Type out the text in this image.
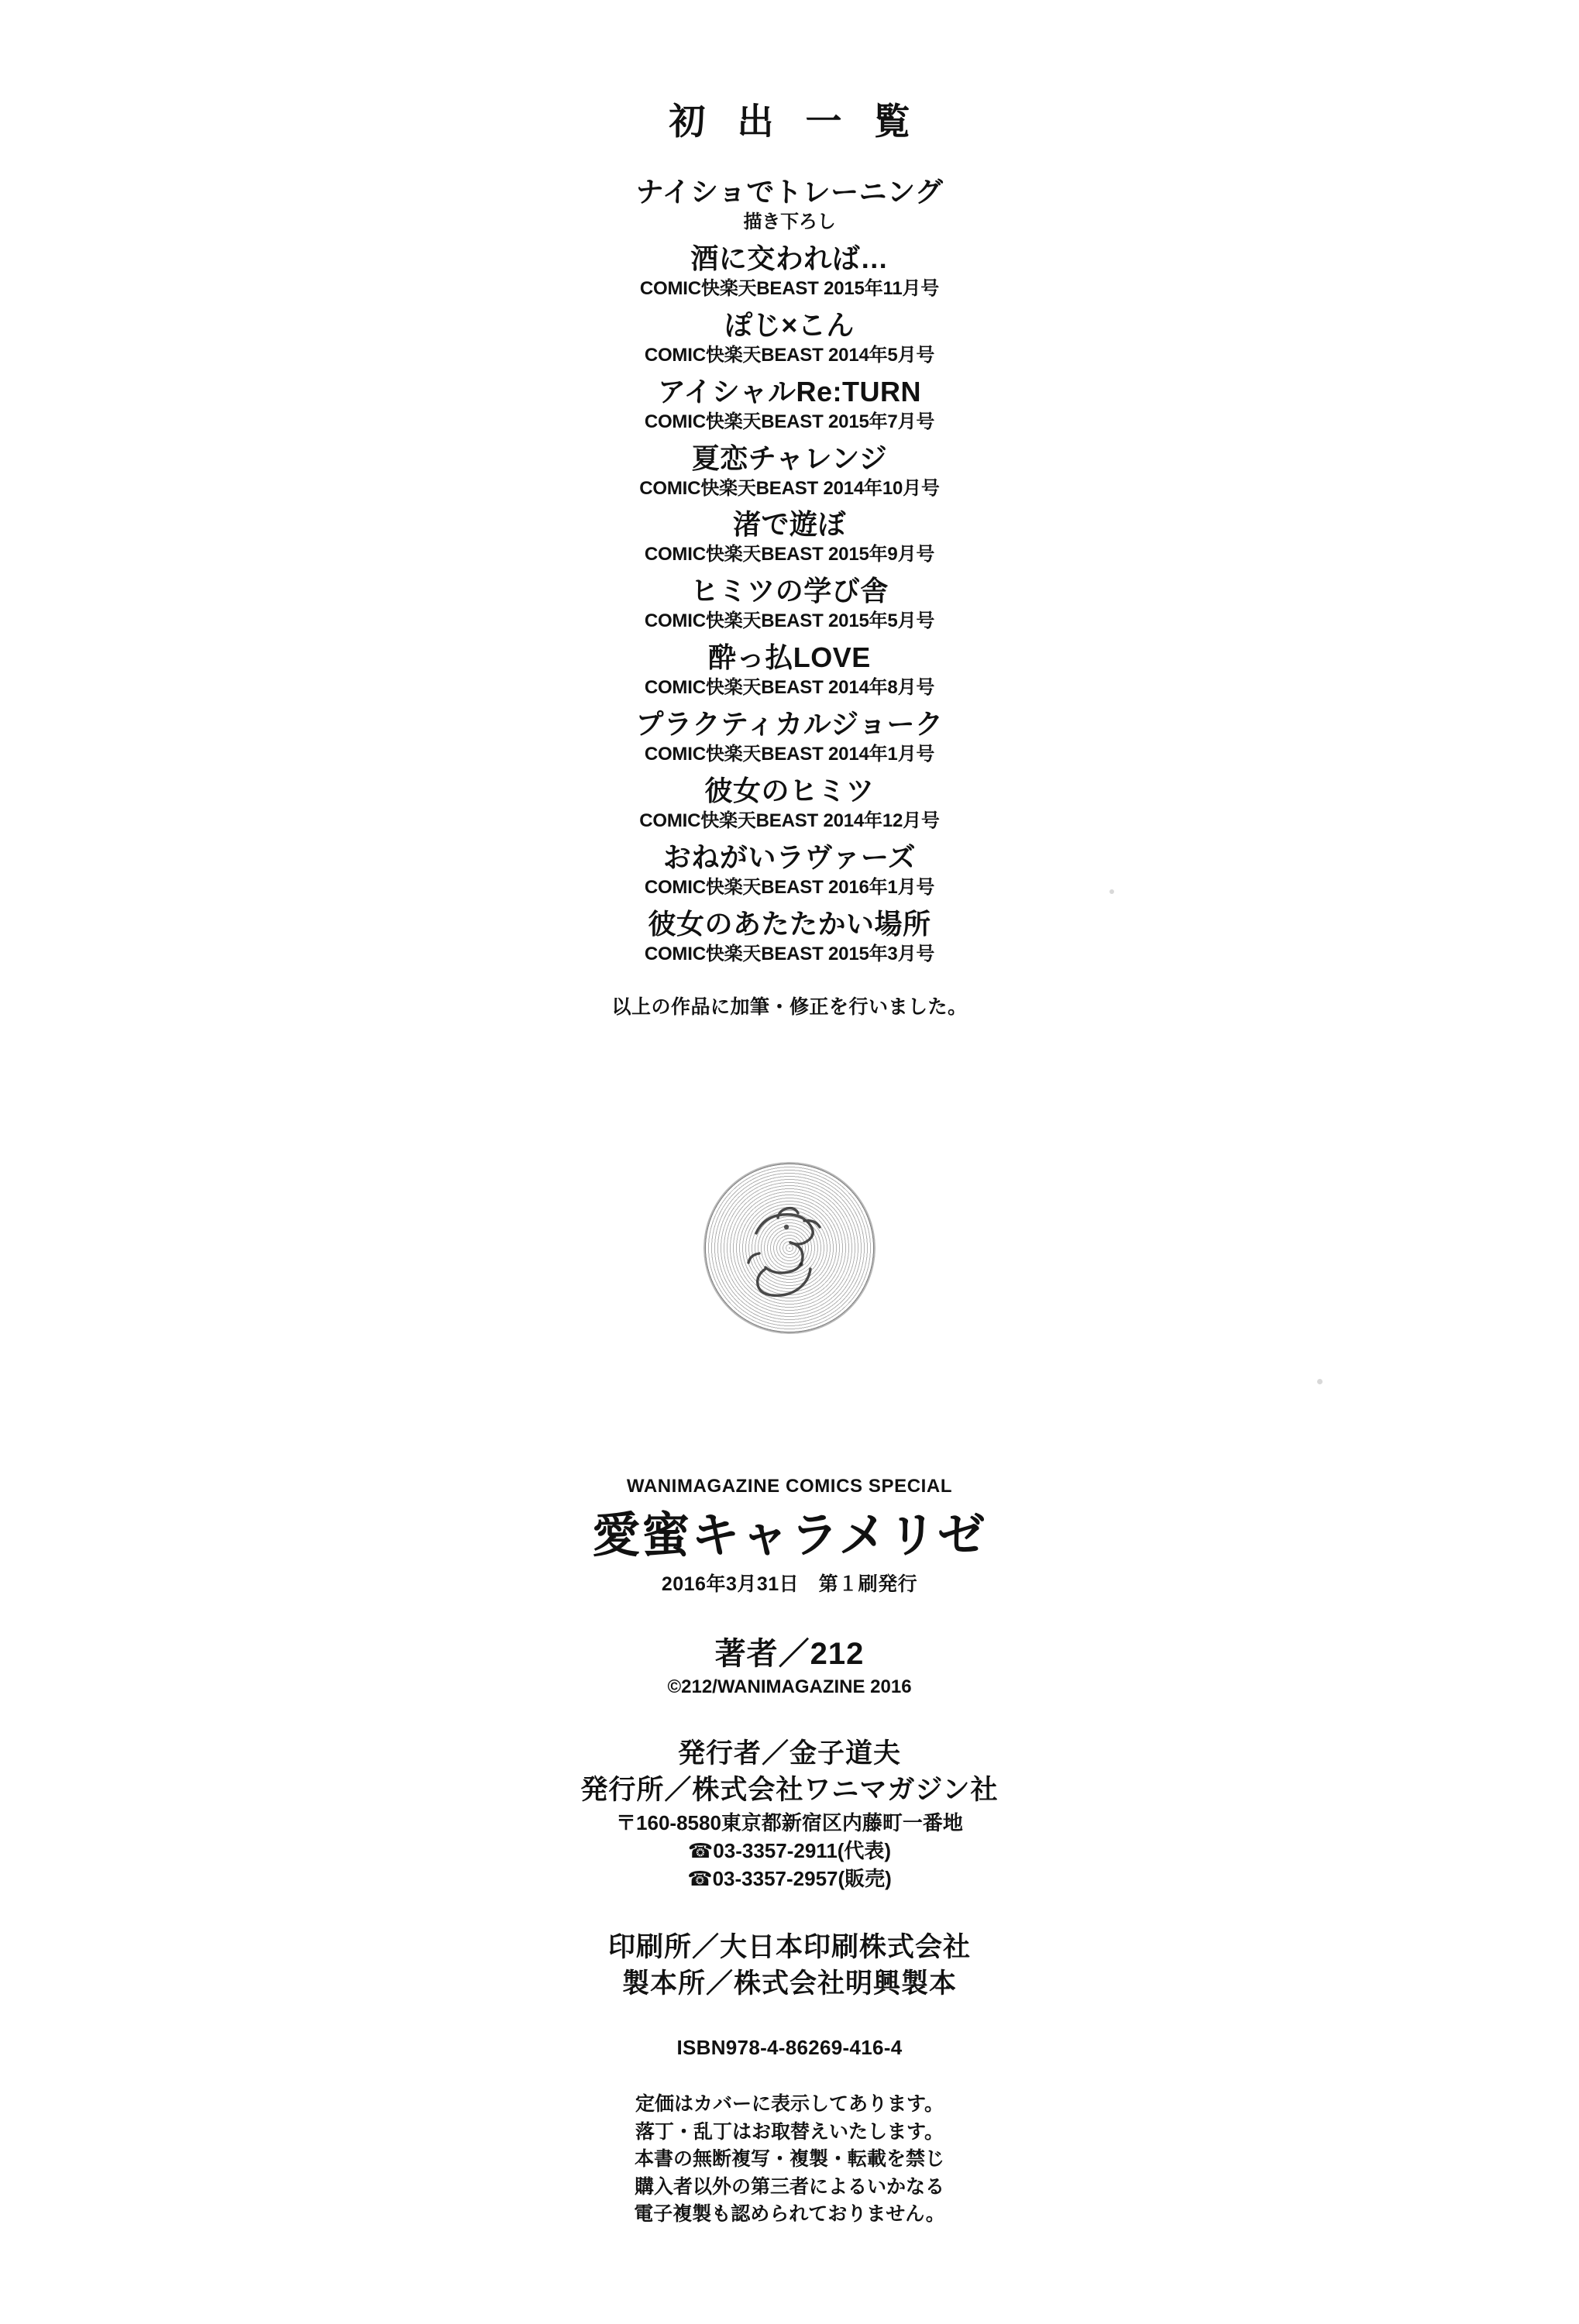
初 出 一 覧
ナイショでトレーニング
描き下ろし
酒に交われば…
COMIC快楽天BEAST 2015年11月号
ぽじ×こん
COMIC快楽天BEAST 2014年5月号
アイシャルRe:TURN
COMIC快楽天BEAST 2015年7月号
夏恋チャレンジ
COMIC快楽天BEAST 2014年10月号
渚で遊ぼ
COMIC快楽天BEAST 2015年9月号
ヒミツの学び舎
COMIC快楽天BEAST 2015年5月号
酔っ払LOVE
COMIC快楽天BEAST 2014年8月号
プラクティカルジョーク
COMIC快楽天BEAST 2014年1月号
彼女のヒミツ
COMIC快楽天BEAST 2014年12月号
おねがいラヴァーズ
COMIC快楽天BEAST 2016年1月号
彼女のあたたかい場所
COMIC快楽天BEAST 2015年3月号
以上の作品に加筆・修正を行いました。
WANIMAGAZINE COMICS SPECIAL
愛蜜キャラメリゼ
2016年3月31日　第１刷発行
著者／212
©212/WANIMAGAZINE 2016
発行者／金子道夫
発行所／株式会社ワニマガジン社
〒160-8580東京都新宿区内藤町一番地
☎03-3357-2911(代表)
☎03-3357-2957(販売)
印刷所／大日本印刷株式会社
製本所／株式会社明興製本
ISBN978-4-86269-416-4
定価はカバーに表示してあります。
落丁・乱丁はお取替えいたします。
本書の無断複写・複製・転載を禁じ
購入者以外の第三者によるいかなる
電子複製も認められておりません。
